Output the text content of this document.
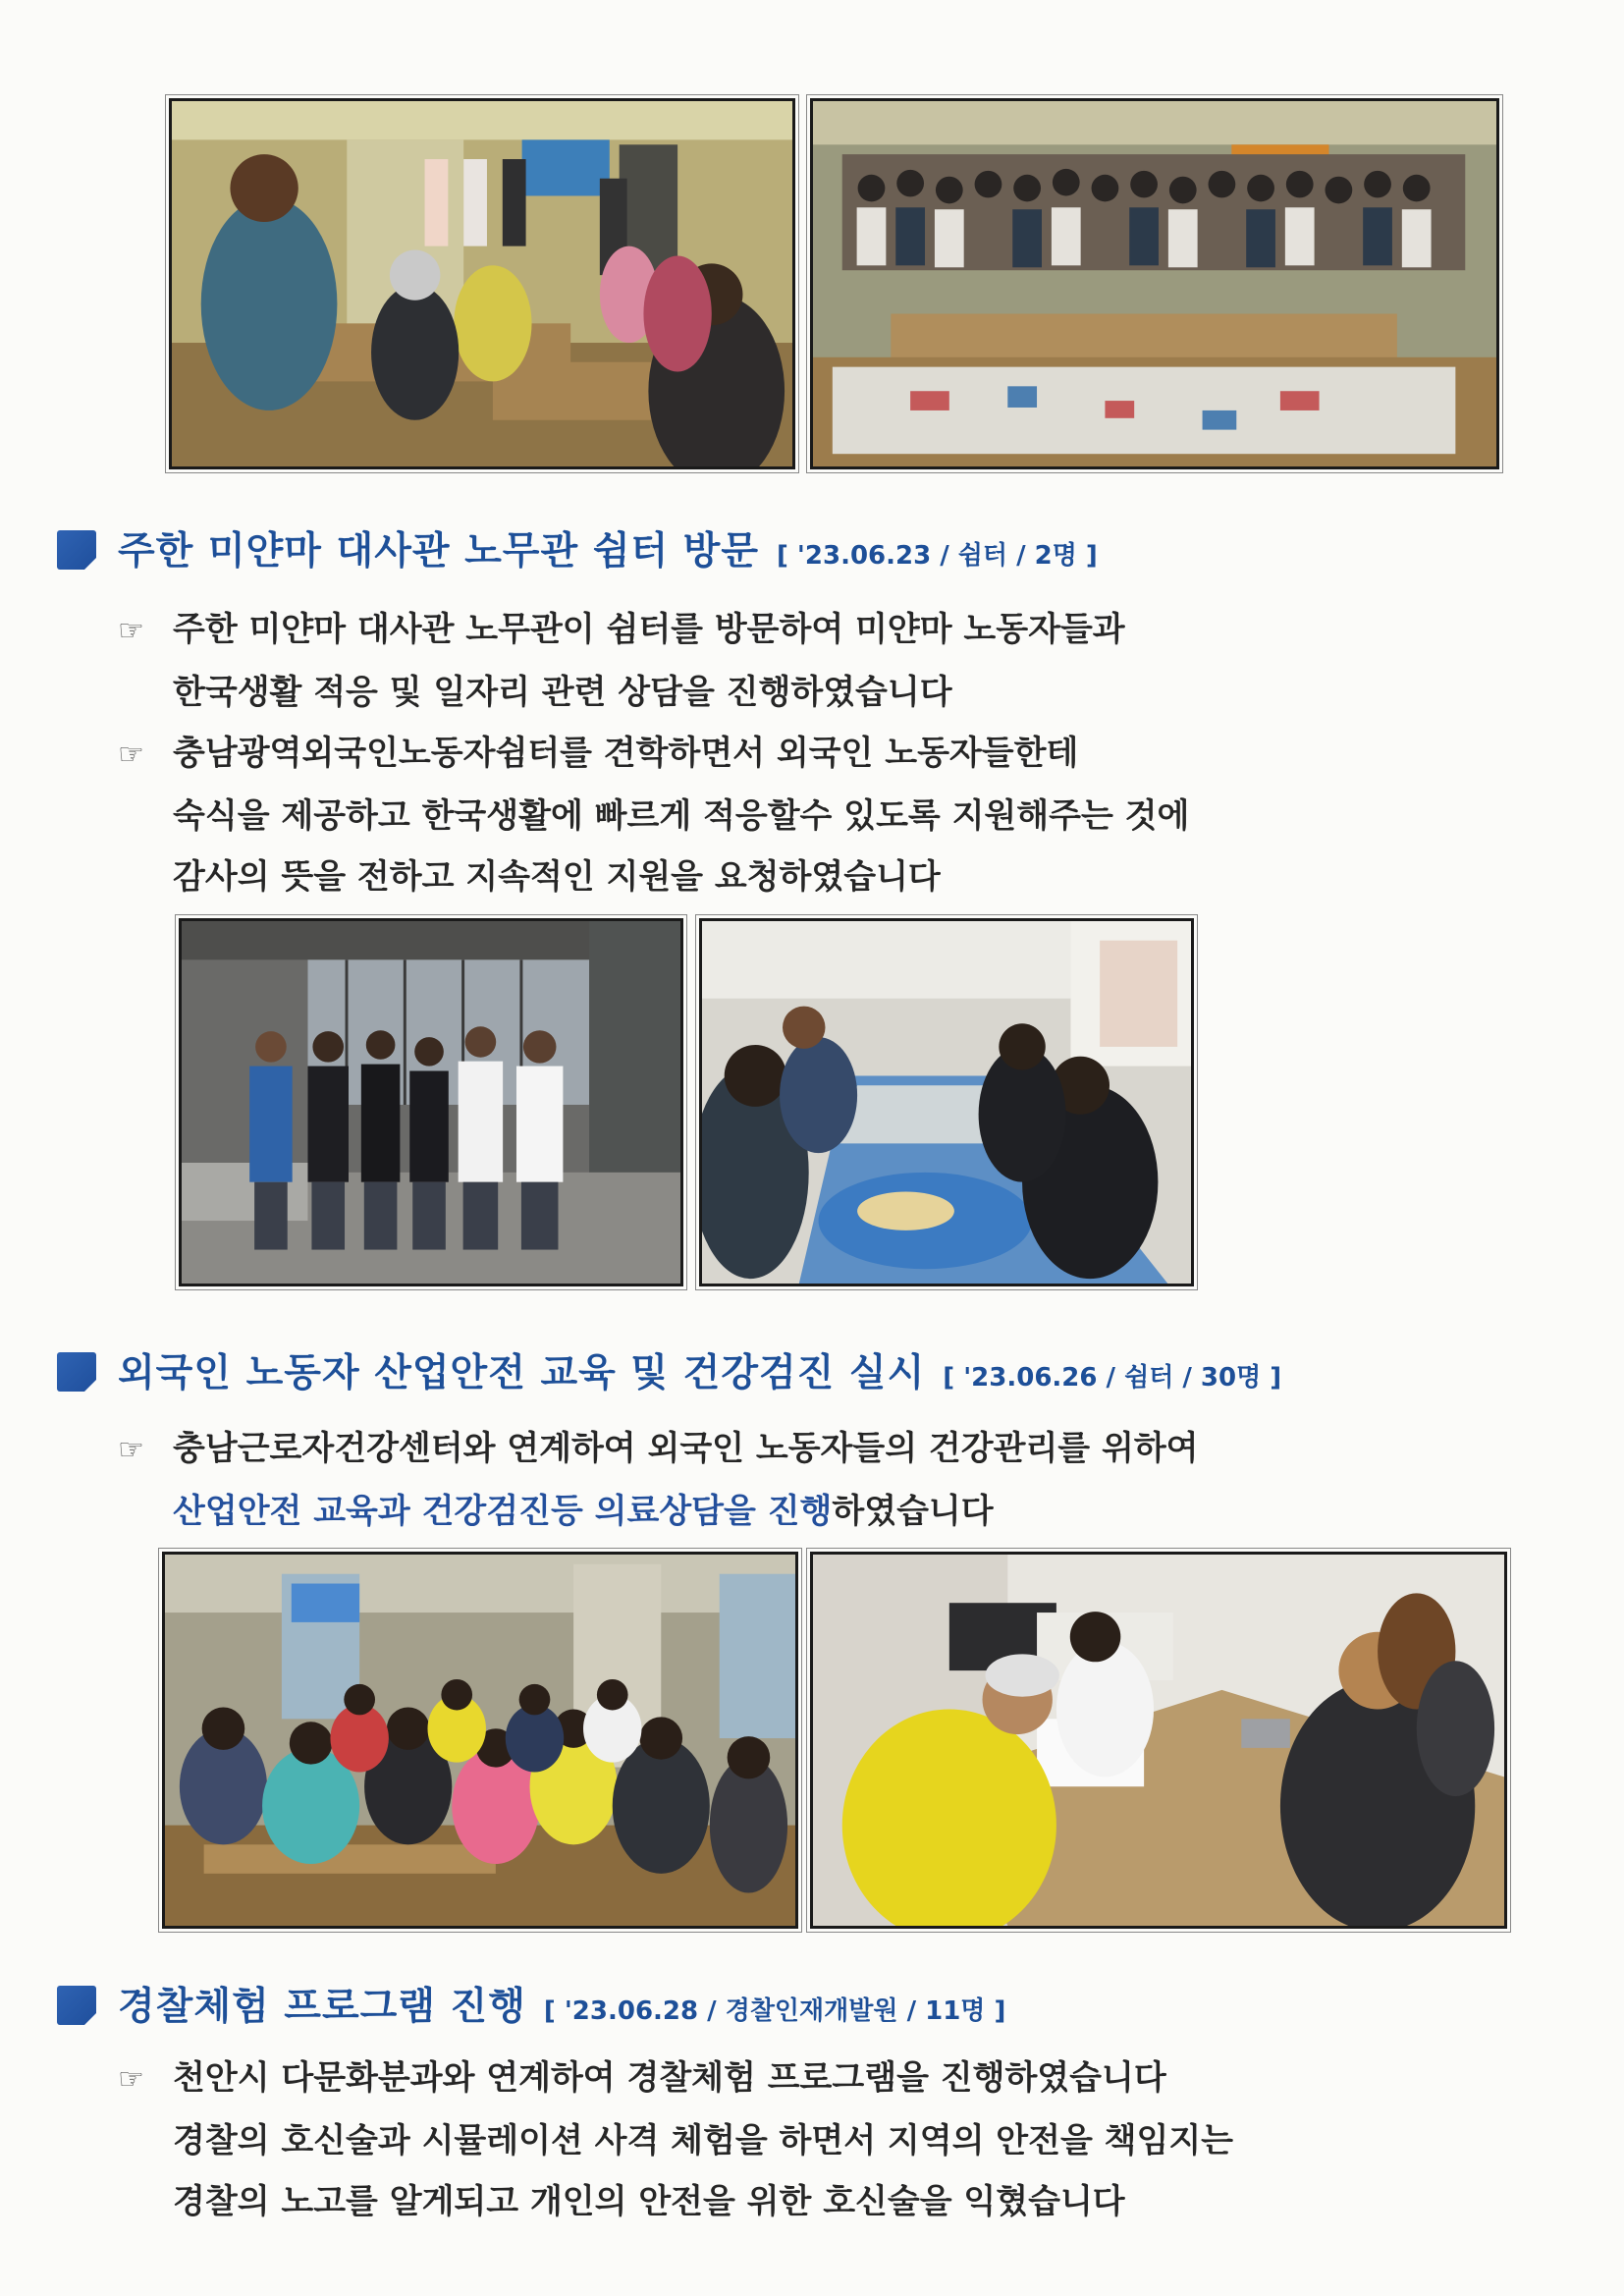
주한 미얀마 대사관 노무관 쉼터 방문 [ '23.06.23 / 쉼터 / 2명 ]
☞ 주한 미얀마 대사관 노무관이 쉼터를 방문하여 미얀마 노동자들과
한국생활 적응 및 일자리 관련 상담을 진행하였습니다
☞ 충남광역외국인노동자쉼터를 견학하면서 외국인 노동자들한테
숙식을 제공하고 한국생활에 빠르게 적응할수 있도록 지원해주는 것에
감사의 뜻을 전하고 지속적인 지원을 요청하였습니다
외국인 노동자 산업안전 교육 및 건강검진 실시 [ '23.06.26 / 쉼터 / 30명 ]
☞ 충남근로자건강센터와 연계하여 외국인 노동자들의 건강관리를 위하여
산업안전 교육과 건강검진등 의료상담을 진행하였습니다
경찰체험 프로그램 진행 [ '23.06.28 / 경찰인재개발원 / 11명 ]
☞ 천안시 다문화분과와 연계하여 경찰체험 프로그램을 진행하였습니다
경찰의 호신술과 시뮬레이션 사격 체험을 하면서 지역의 안전을 책임지는
경찰의 노고를 알게되고 개인의 안전을 위한 호신술을 익혔습니다
